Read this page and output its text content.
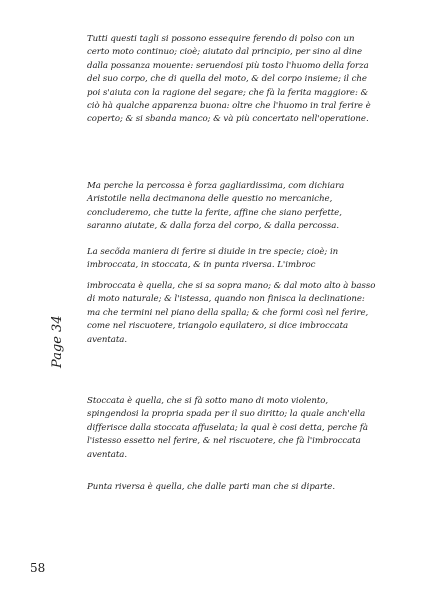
Tutti questi tagli si possono essequire ferendo di polso con un certo moto continuo; cioè; aiutato dal principio, per sino al dine dalla possanza mouente: seruendosi più tosto l'huomo della forza del suo corpo, che di quella del moto, & del corpo insieme; il che poi s'aiuta con la ragione del segare; che fà la ferita maggiore: & ciò hà qualche apparenza buona: oltre che l'huomo in tral ferire è coperto; & si sbanda manco; & và più concertato nell'operatione.

Ma perche la percossa è forza gagliardissima, com dichiara Aristotile nella decimanona delle questio no mercaniche, concluderemo, che tutte la ferite, affine che siano perfette, saranno aiutate, & dalla forza del corpo, & dalla percossa.

La secõda maniera di ferire si diuide in tre specie; cioè; in imbroccata, in stoccata, & in punta riversa. L'imbroc

imbroccata è quella, che si sa sopra mano; & dal moto alto à basso di moto naturale; & l'istessa, quando non finisca la declinatione: ma che termini nel piano della spalla; & che formi così nel ferire, come nel riscuotere, triangolo equilatero, si dice imbroccata aventata.

Stoccata è quella, che si fà sotto mano di moto violento, spingendosi la propria spada per il suo diritto; la quale anch'ella differisce dalla stoccata affuselata; la qual è cosi detta, perche fà l'istesso essetto nel ferire, & nel riscuotere, che fà l'imbroccata aventata.

Punta riversa è quella, che dalle parti man che si diparte.

Page 34
58
